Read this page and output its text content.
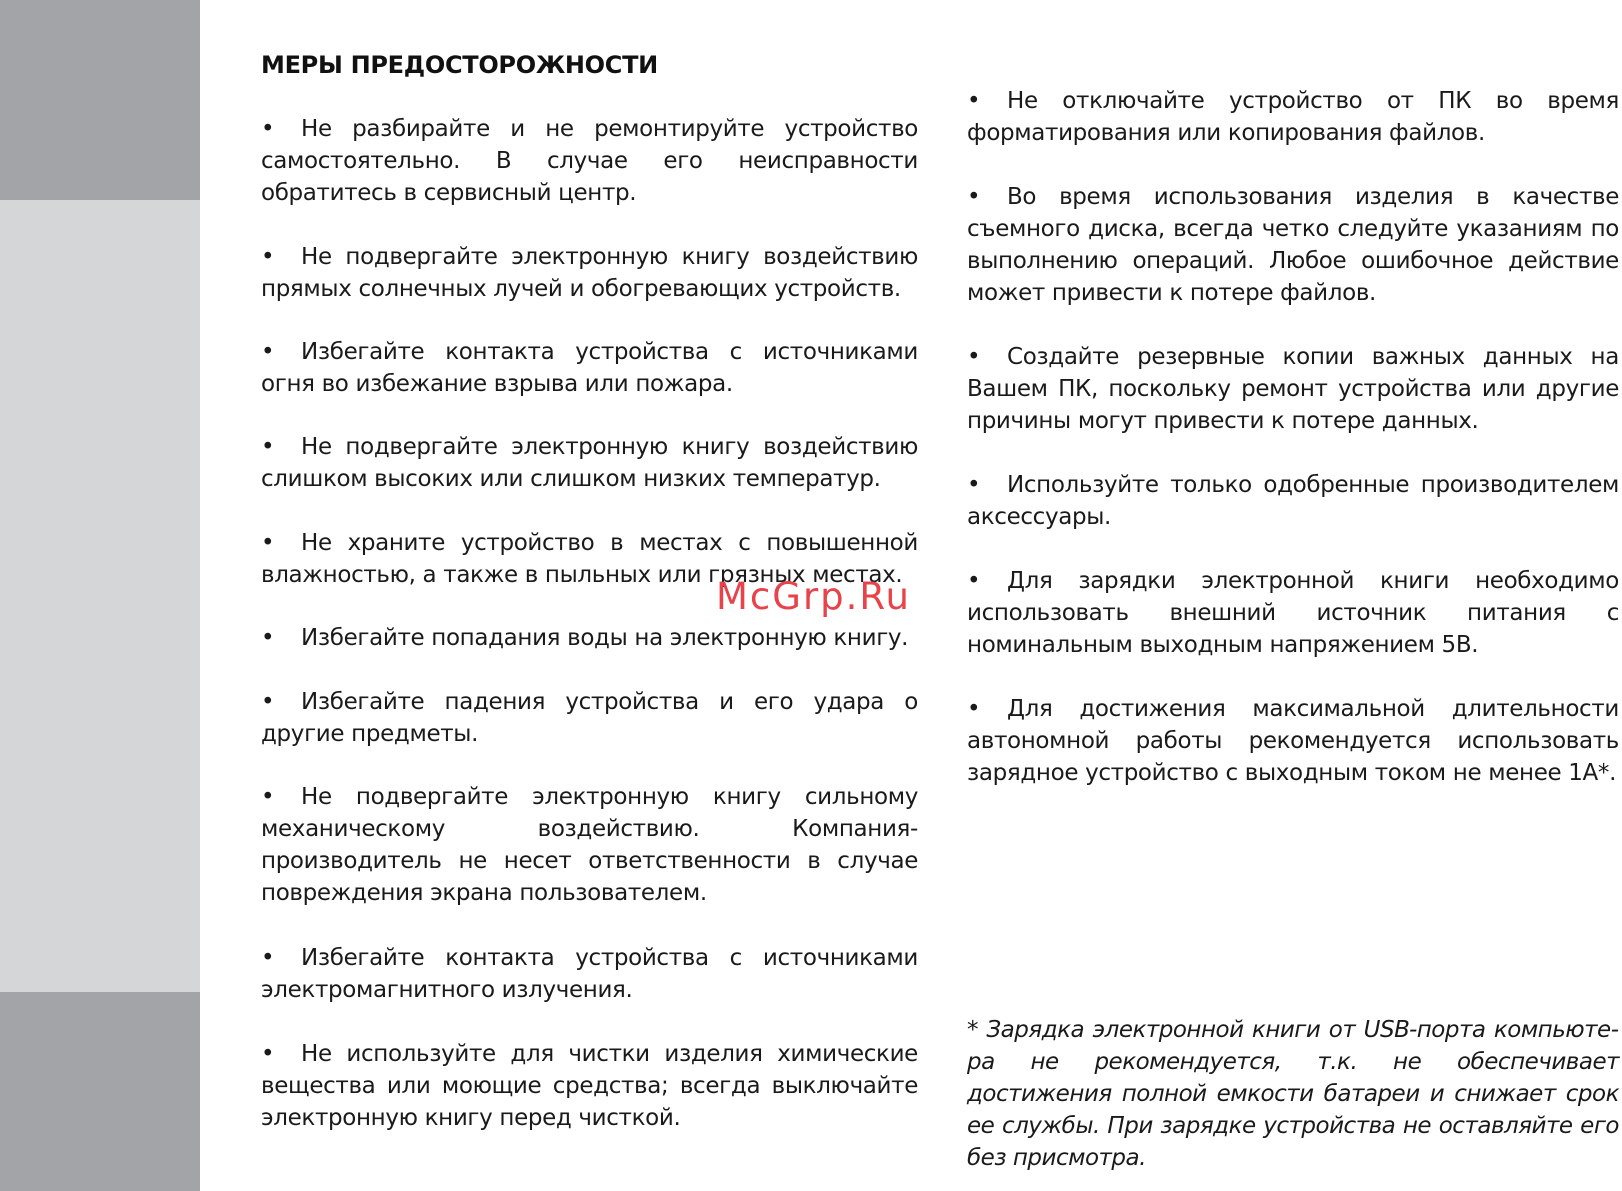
МЕРЫ ПРЕДОСТОРОЖНОСТИ

• Не разбирайте и не ремонтируйте устройство самостоятельно. В случае его неисправности обратитесь в сервисный центр.

• Не подвергайте электронную книгу воздействию прямых солнечных лучей и обогревающих устройств.

• Избегайте контакта устройства с источниками огня во избежание взрыва или пожара.

• Не подвергайте электронную книгу воздействию слишком высоких или слишком низких температур.

• Не храните устройство в местах с повышенной влажностью, а также в пыльных или грязных местах.

• Избегайте попадания воды на электронную книгу.

• Избегайте падения устройства и его удара о другие предметы.

• Не подвергайте электронную книгу сильному механическому воздействию. Компания-производитель не несет ответственности в случае повреждения экрана пользователем.

• Избегайте контакта устройства с источниками электромагнитного излучения.

• Не используйте для чистки изделия химические вещества или моющие средства; всегда выключайте электронную книгу перед чисткой.

• Не отключайте устройство от ПК во время форматирования или копирования файлов.

• Во время использования изделия в качестве съемного диска, всегда четко следуйте указаниям по выполнению операций. Любое ошибочное действие может привести к потере файлов.

• Создайте резервные копии важных данных на Вашем ПК, поскольку ремонт устройства или другие причины могут привести к потере данных.

• Используйте только одобренные производителем аксессуары.

• Для зарядки электронной книги необходимо использовать внешний источник питания с номинальным выходным напряжением 5В.

• Для достижения максимальной длительности автономной работы рекомендуется использовать зарядное устройство с выходным током не менее 1А*.

* Зарядка электронной книги от USB-порта компьютера не рекомендуется, т.к. не обеспечивает достижения полной емкости батареи и снижает срок ее службы. При зарядке устройства не оставляйте его без присмотра.

McGrp.Ru
